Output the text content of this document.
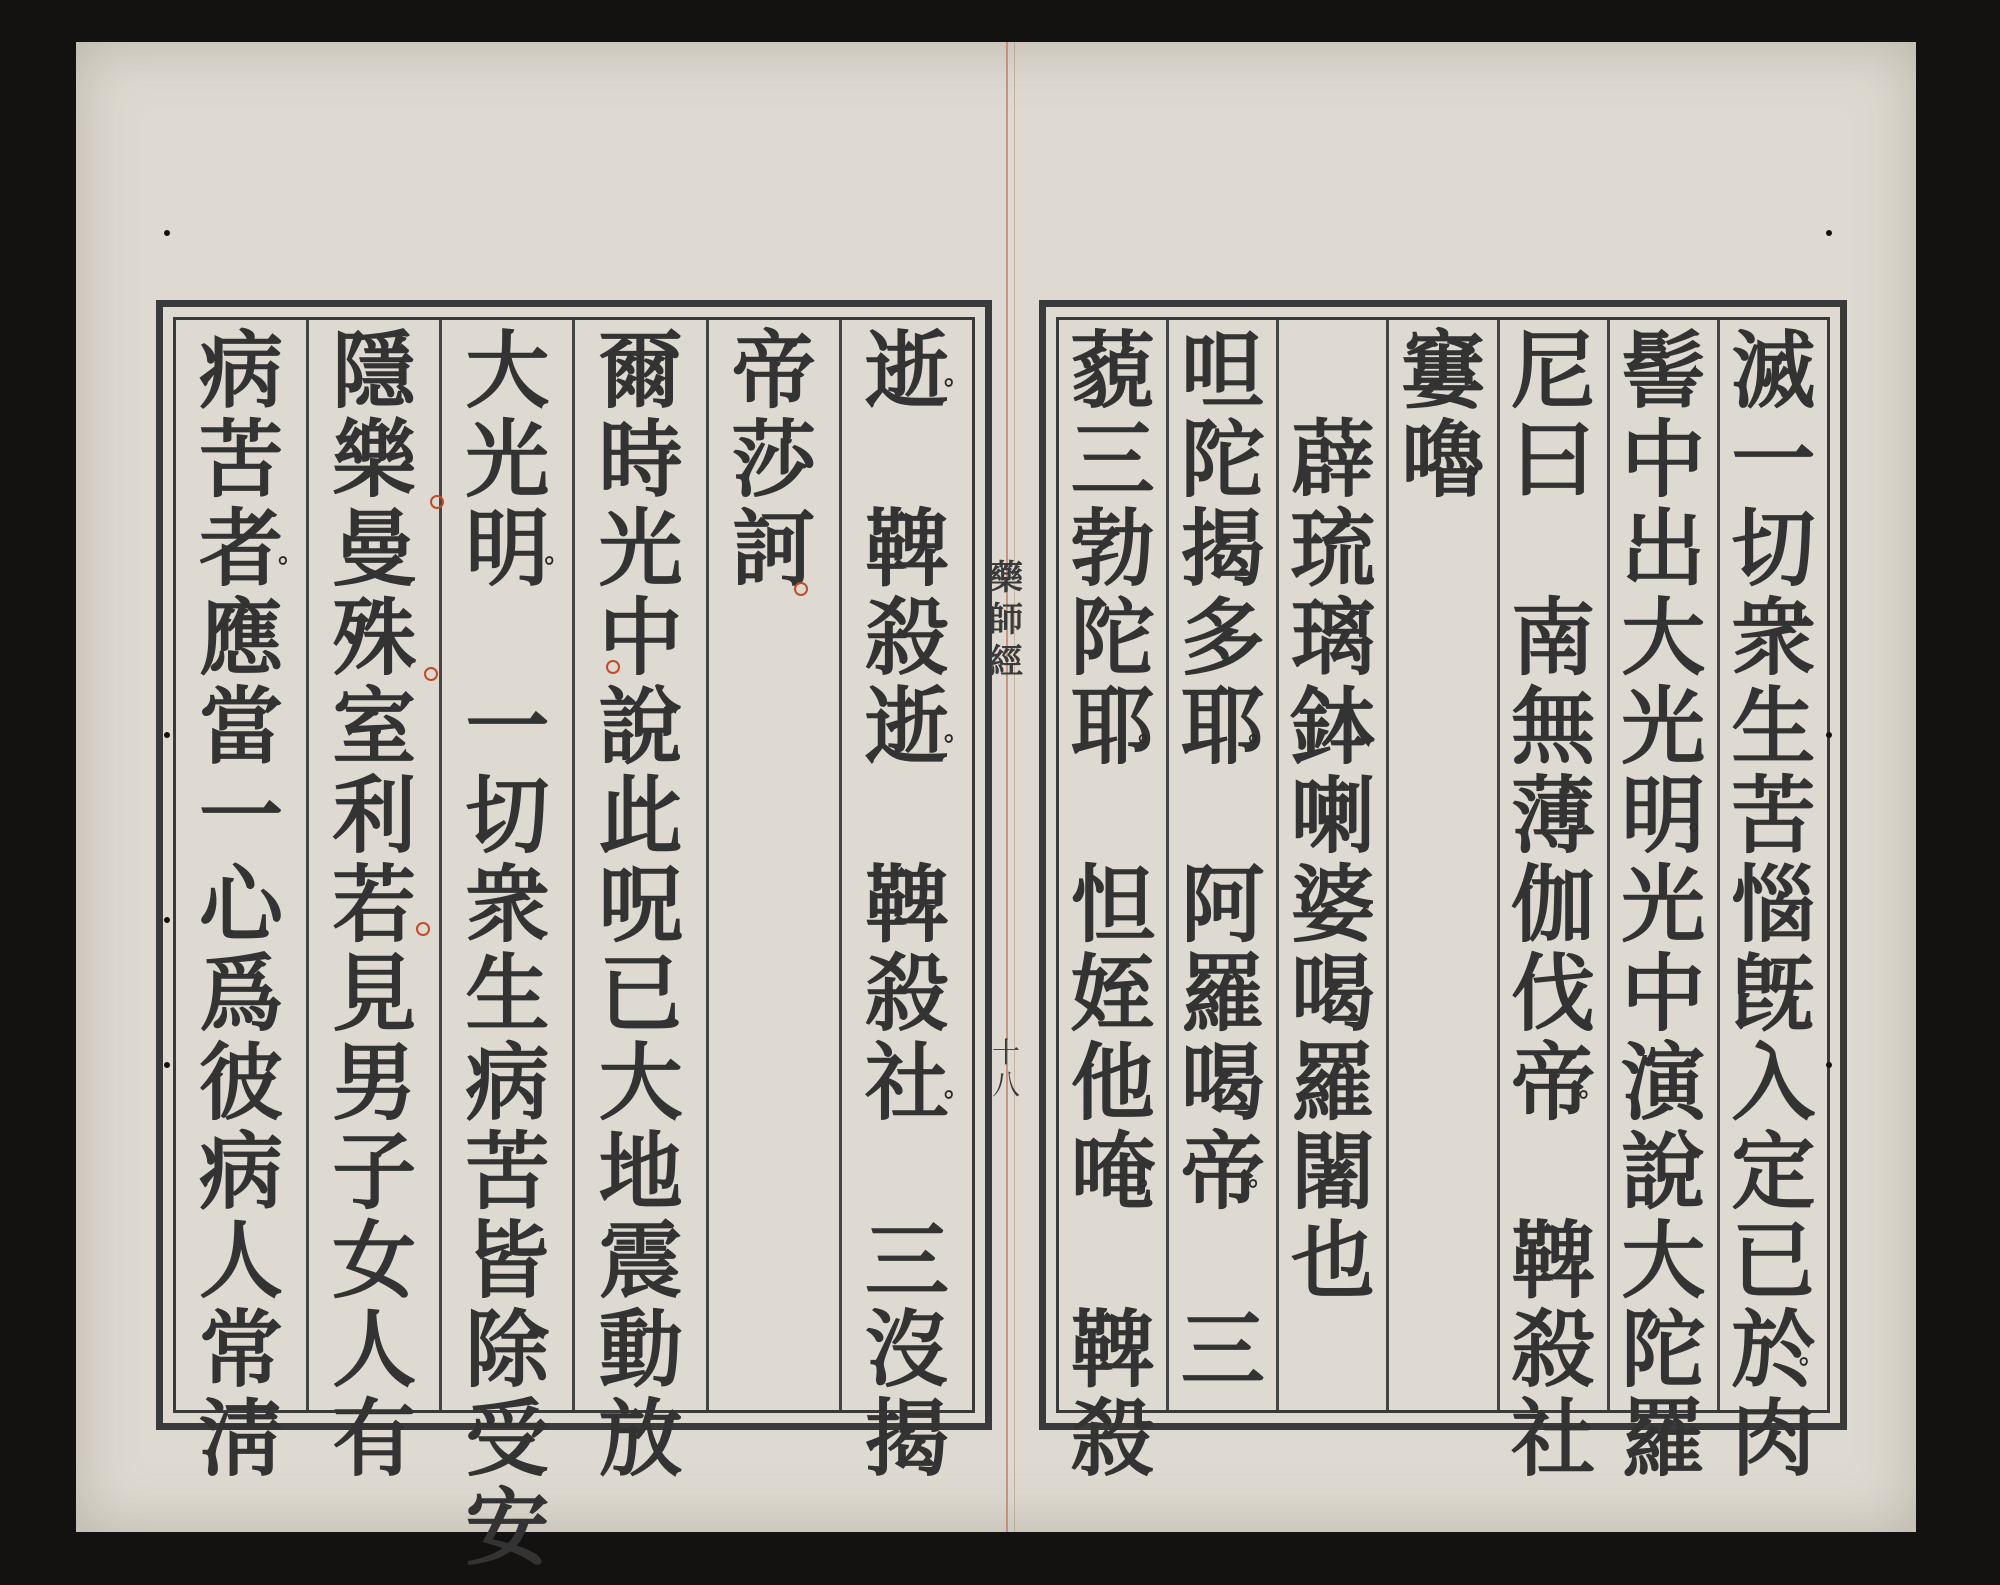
逝 。

鞞
殺
逝 。

鞞
殺
社 。

三
沒
揭
帝
莎
訶
爾
時
光
中
說
此
呪
已
大
地
震
動
放
大
光
明 。

一
切
衆
生
病
苦
皆
除
受
安
隱
樂
曼
殊
室
利
若
見
男
子
女
人
有
病
苦
者 。
應
當
一
心
爲
彼
病
人
常
淸
滅
一
切
衆
生
苦
惱
旣
入
定
已
於 。
肉
髻
中
出
大
光
明 。
光
中
演
說
大
陀
羅
尼
曰

南
無
薄
伽
伐
帝 。

鞞
殺
社
窶
嚕 。

薜
琉
璃
鉢
喇
婆
喝
羅
闍
也
呾
陀
揭
多
耶 。

阿
羅
喝
帝 。

三
藐
三
勃
陀
耶 。

怛
姪
他
唵 。

鞞
殺
藥
師
經
十
八
